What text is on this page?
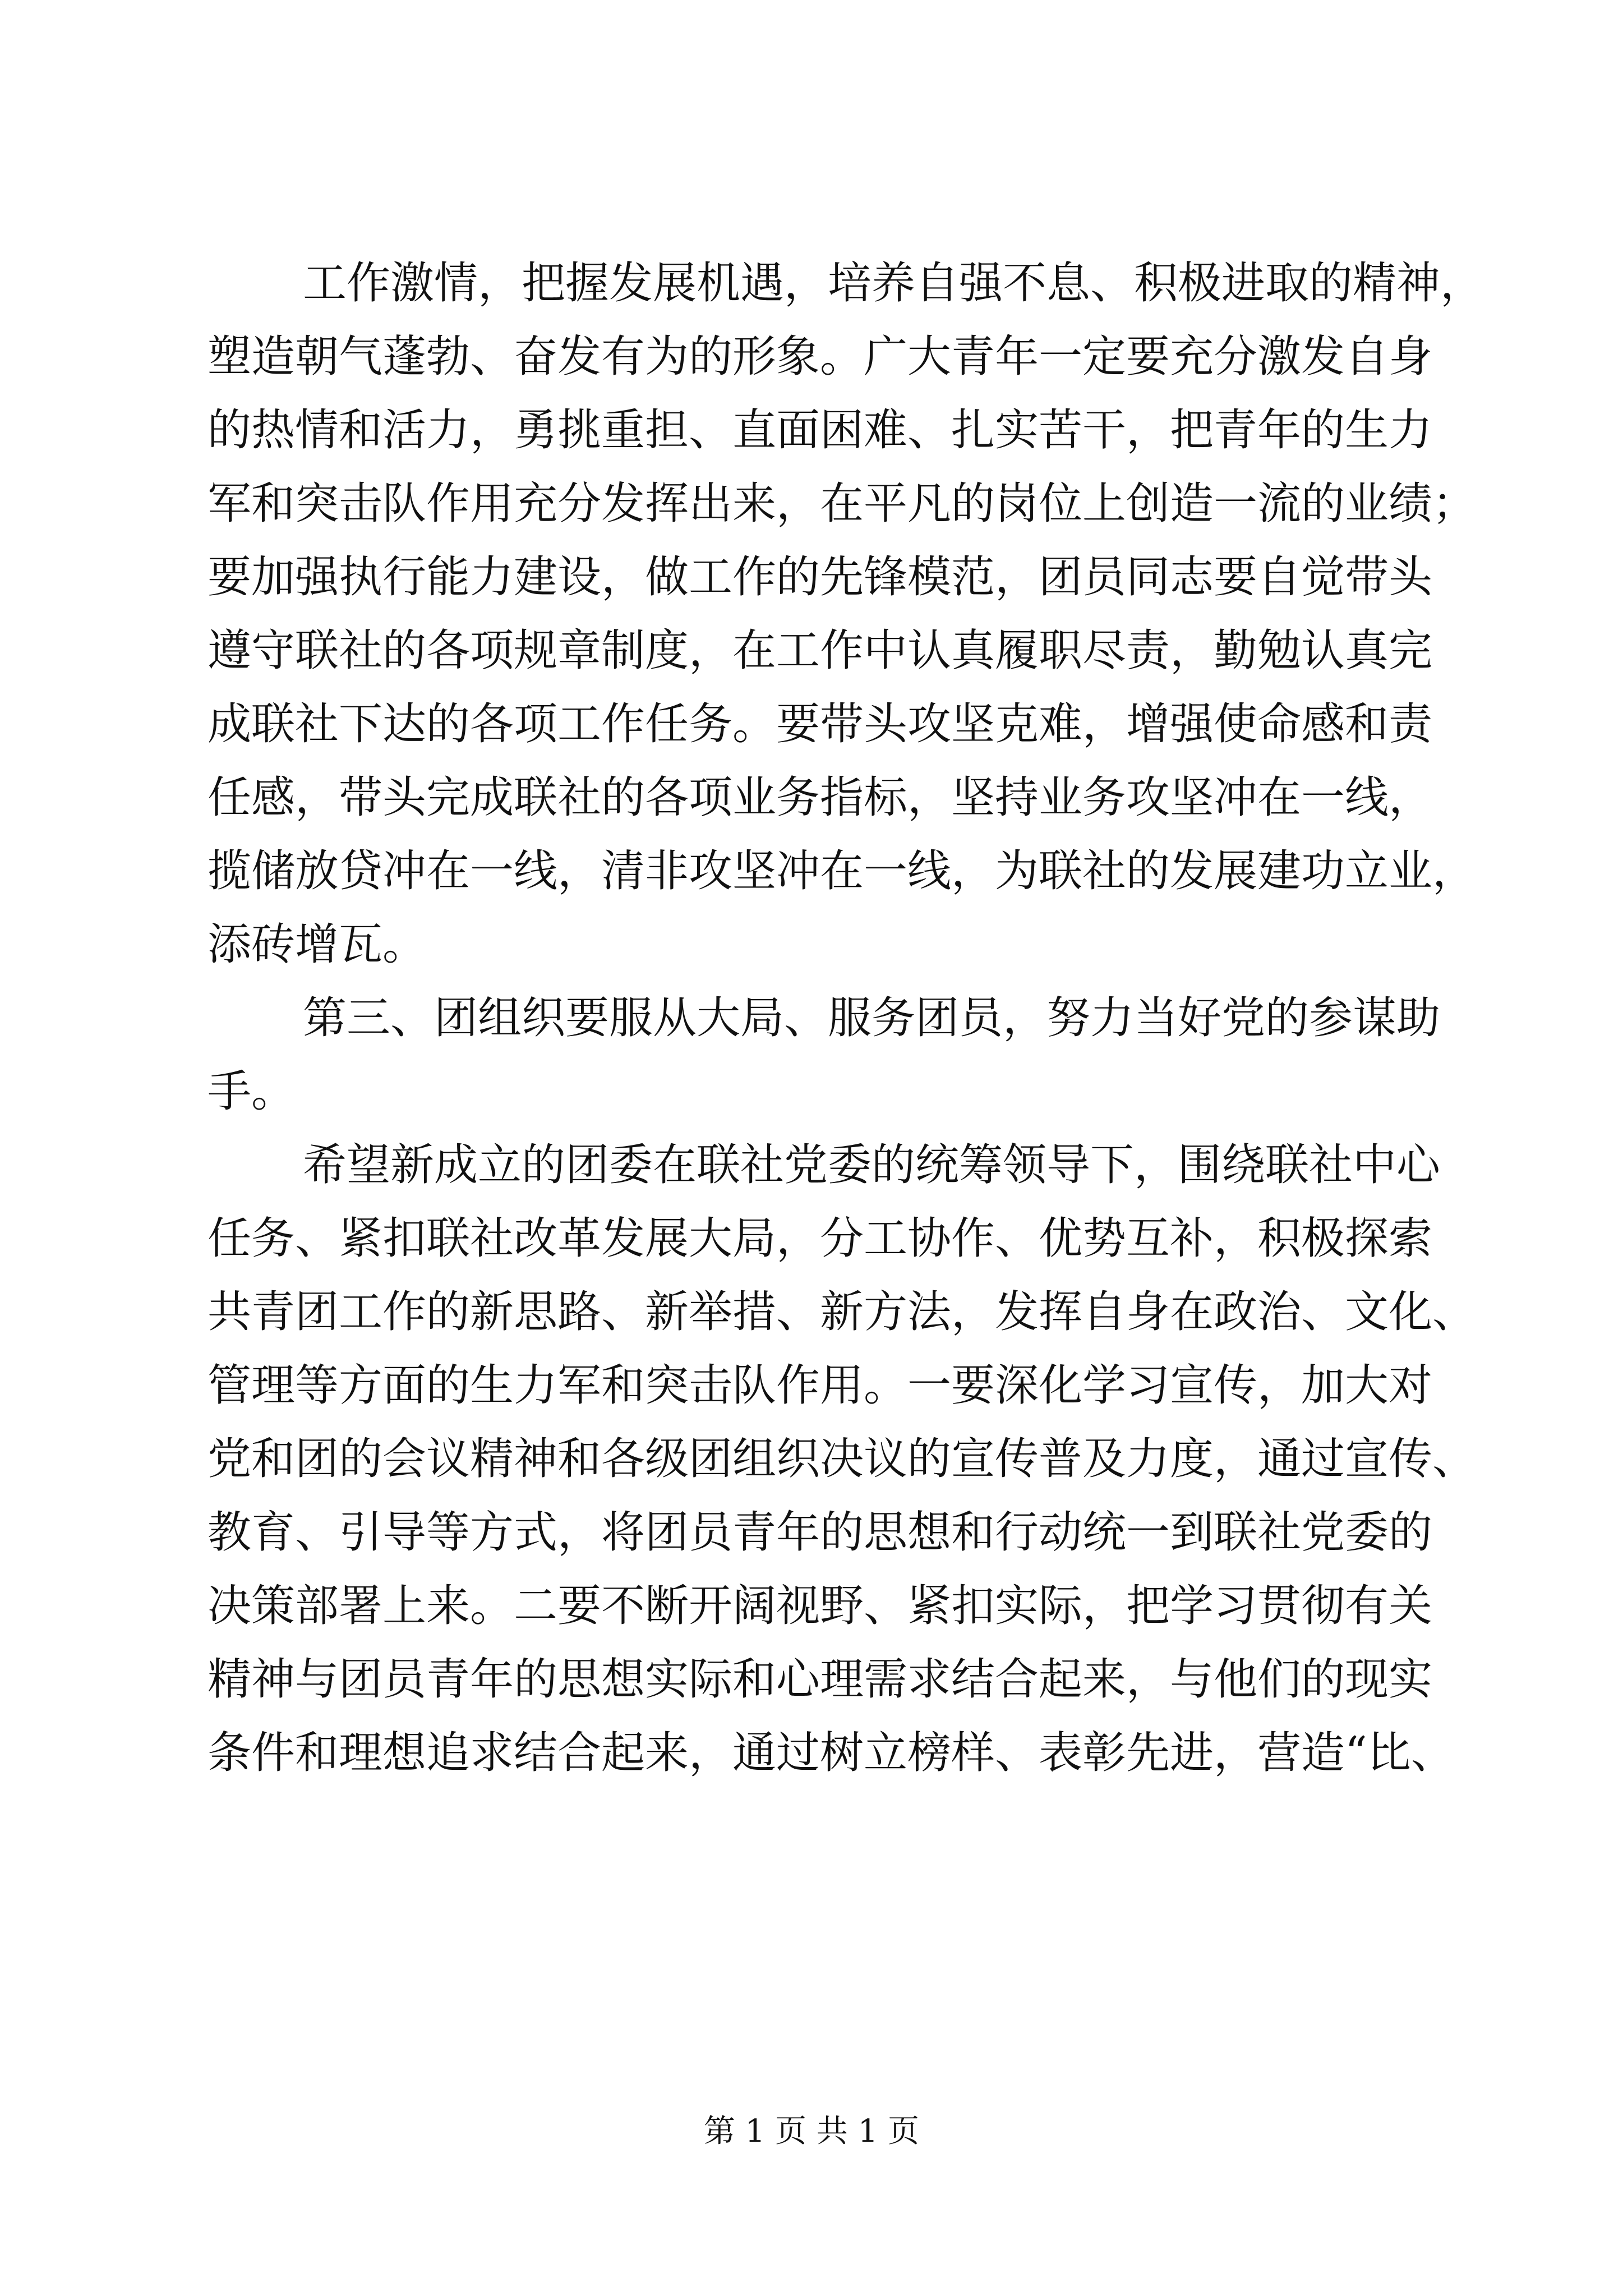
工作激情，把握发展机遇，培养自强不息、积极进取的精神，
塑造朝气蓬勃、奋发有为的形象。广大青年一定要充分激发自身
的热情和活力，勇挑重担、直面困难、扎实苦干，把青年的生力
军和突击队作用充分发挥出来，在平凡的岗位上创造一流的业绩；
要加强执行能力建设，做工作的先锋模范，团员同志要自觉带头
遵守联社的各项规章制度，在工作中认真履职尽责，勤勉认真完
成联社下达的各项工作任务。要带头攻坚克难，增强使命感和责
任感，带头完成联社的各项业务指标，坚持业务攻坚冲在一线，
揽储放贷冲在一线，清非攻坚冲在一线，为联社的发展建功立业，
添砖增瓦。
第三、团组织要服从大局、服务团员，努力当好党的参谋助
手。
希望新成立的团委在联社党委的统筹领导下，围绕联社中心
任务、紧扣联社改革发展大局，分工协作、优势互补，积极探索
共青团工作的新思路、新举措、新方法，发挥自身在政治、文化、
管理等方面的生力军和突击队作用。一要深化学习宣传，加大对
党和团的会议精神和各级团组织决议的宣传普及力度，通过宣传、
教育、引导等方式，将团员青年的思想和行动统一到联社党委的
决策部署上来。二要不断开阔视野、紧扣实际，把学习贯彻有关
精神与团员青年的思想实际和心理需求结合起来，与他们的现实
条件和理想追求结合起来，通过树立榜样、表彰先进，营造“比、
第 1 页 共 1 页
